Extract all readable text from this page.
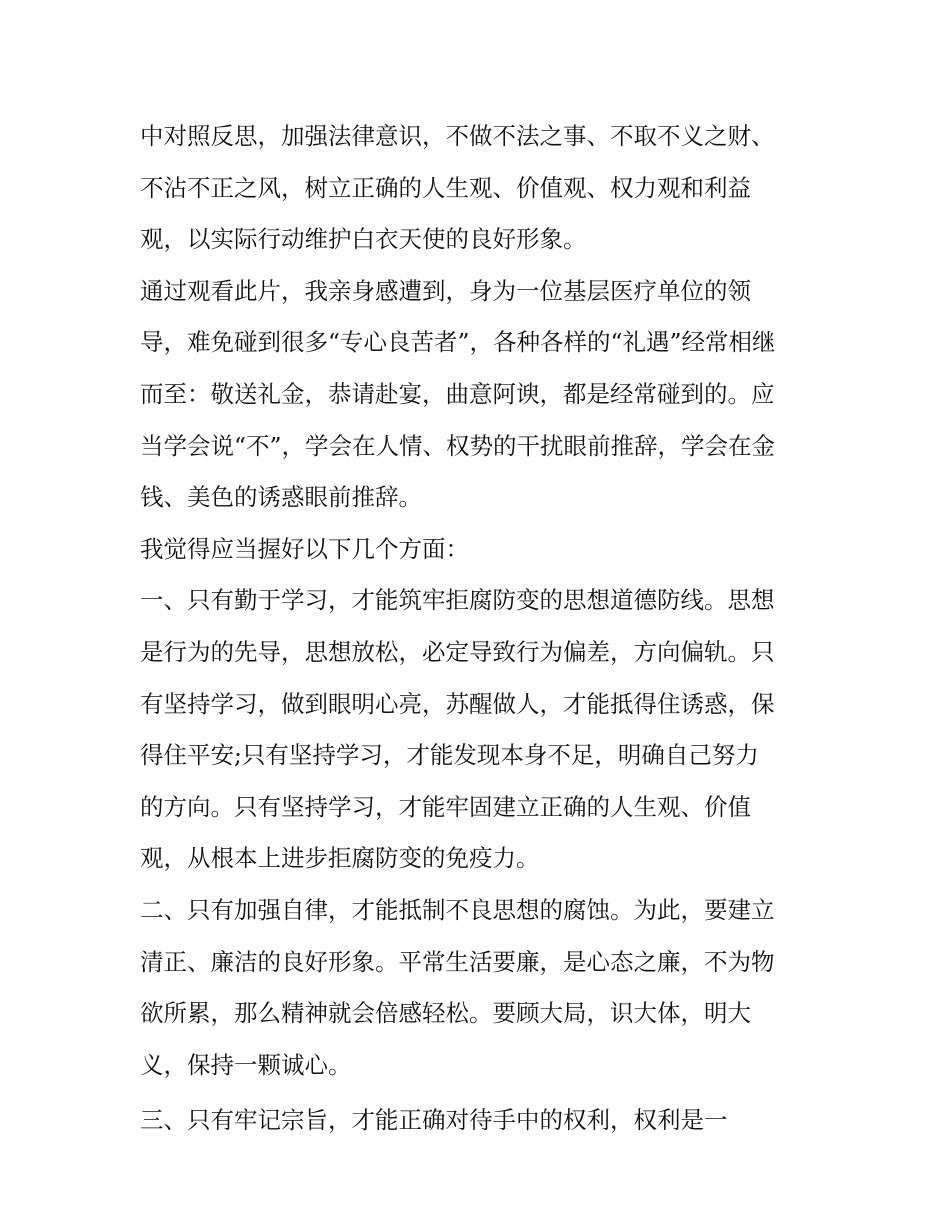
中对照反思，加强法律意识，不做不法之事、不取不义之财、
不沾不正之风，树立正确的人生观、价值观、权力观和利益
观，以实际行动维护白衣天使的良好形象。
通过观看此片，我亲身感遭到，身为一位基层医疗单位的领
导，难免碰到很多“专心良苦者”，各种各样的“礼遇”经常相继
而至：敬送礼金，恭请赴宴，曲意阿谀，都是经常碰到的。应
当学会说“不”，学会在人情、权势的干扰眼前推辞，学会在金
钱、美色的诱惑眼前推辞。
我觉得应当握好以下几个方面：
一、只有勤于学习，才能筑牢拒腐防变的思想道德防线。思想
是行为的先导，思想放松，必定导致行为偏差，方向偏轨。只
有坚持学习，做到眼明心亮，苏醒做人，才能抵得住诱惑，保
得住平安;只有坚持学习，才能发现本身不足，明确自己努力
的方向。只有坚持学习，才能牢固建立正确的人生观、价值
观，从根本上进步拒腐防变的免疫力。
二、只有加强自律，才能抵制不良思想的腐蚀。为此，要建立
清正、廉洁的良好形象。平常生活要廉，是心态之廉，不为物
欲所累，那么精神就会倍感轻松。要顾大局，识大体，明大
义，保持一颗诚心。
三、只有牢记宗旨，才能正确对待手中的权利，权利是一
